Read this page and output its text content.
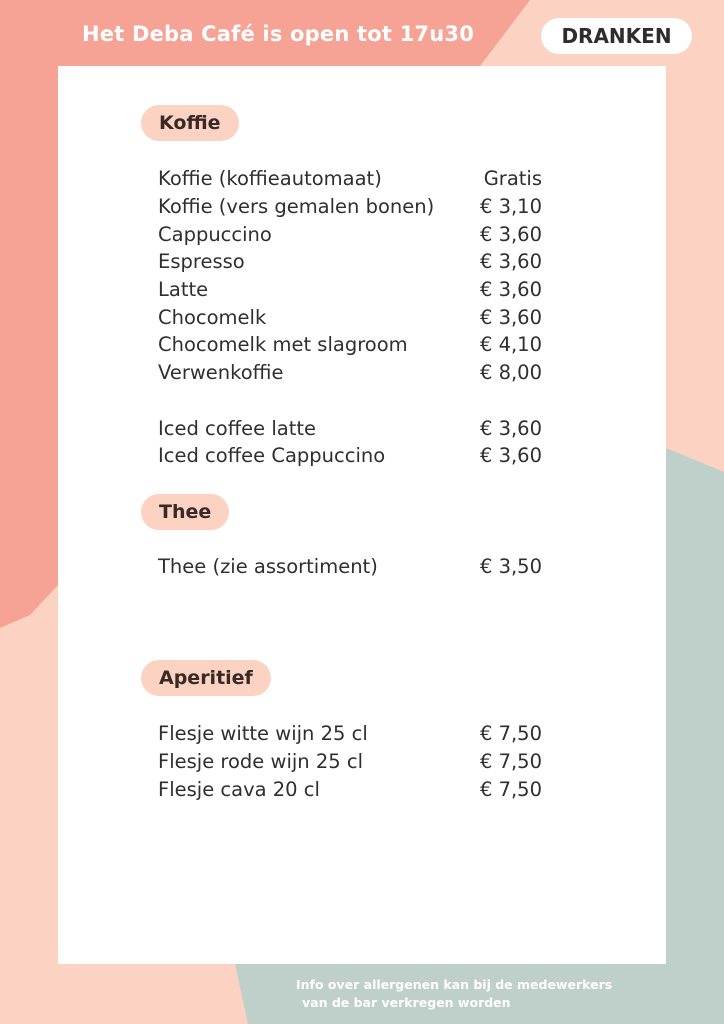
Het Deba Café is open tot 17u30	DRANKEN
Koffie
Koffie (koffieautomaat)	Gratis
Koffie (vers gemalen bonen)	€ 3,10
Cappuccino	€ 3,60
Espresso	€ 3,60
Latte	€ 3,60
Chocomelk	€ 3,60
Chocomelk met slagroom	€ 4,10
Verwenkoffie	€ 8,00
Iced coffee latte	€ 3,60
Iced coffee Cappuccino	€ 3,60
Thee
Thee (zie assortiment)	€ 3,50
Aperitief
Flesje witte wijn 25 cl	€ 7,50
Flesje rode wijn 25 cl	€ 7,50
Flesje cava 20 cl	€ 7,50
Info over allergenen kan bij de medewerkers
van de bar verkregen worden
